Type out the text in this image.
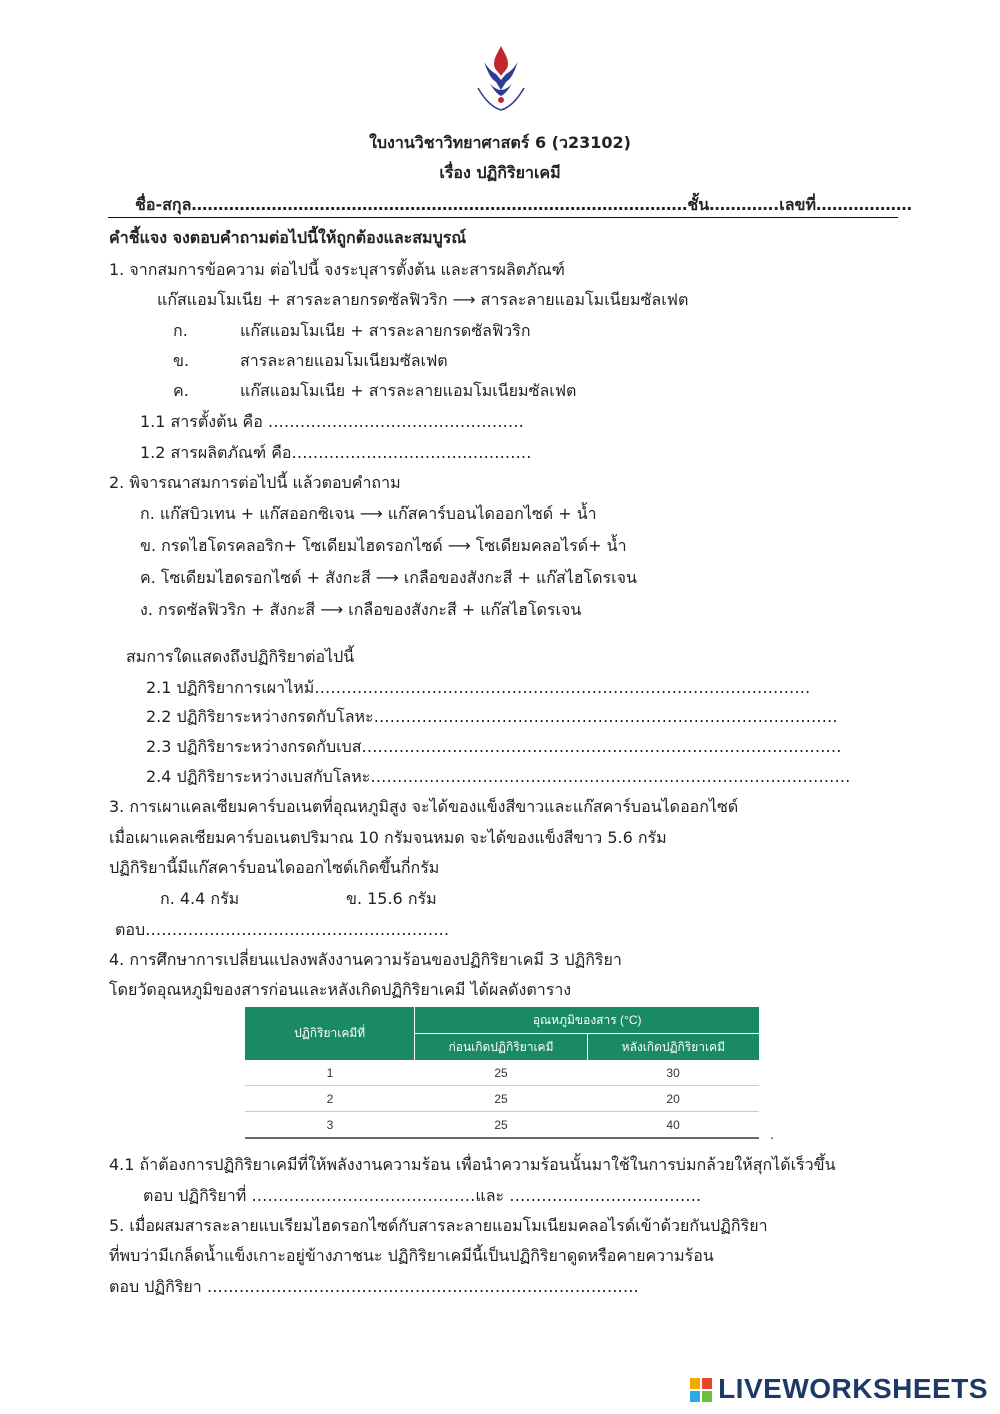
ใบงานวิชาวิทยาศาสตร์ 6 (ว23102)
เรื่อง ปฏิกิริยาเคมี
ชื่อ-สกุล…………………………………………………………………………………ชั้น………….เลขที่………………
คำชี้แจง จงตอบคำถามต่อไปนี้ให้ถูกต้องและสมบูรณ์
1. จากสมการข้อความ ต่อไปนี้ จงระบุสารตั้งต้น และสารผลิตภัณฑ์
แก๊สแอมโมเนีย + สารละลายกรดซัลฟิวริก ⟶ สารละลายแอมโมเนียมซัลเฟต
ก.	แก๊สแอมโมเนีย + สารละลายกรดซัลฟิวริก
ข.	สารละลายแอมโมเนียมซัลเฟต
ค.	แก๊สแอมโมเนีย + สารละลายแอมโมเนียมซัลเฟต
1.1 สารตั้งต้น คือ …………………………………………
1.2 สารผลิตภัณฑ์ คือ………………………………………
2. พิจารณาสมการต่อไปนี้ แล้วตอบคำถาม
ก. แก๊สบิวเทน + แก๊สออกซิเจน ⟶ แก๊สคาร์บอนไดออกไซด์ + น้ำ
ข. กรดไฮโดรคลอริก+ โซเดียมไฮดรอกไซด์ ⟶ โซเดียมคลอไรด์+ น้ำ
ค. โซเดียมไฮดรอกไซด์ + สังกะสี ⟶ เกลือของสังกะสี + แก๊สไฮโดรเจน
ง. กรดซัลฟิวริก + สังกะสี ⟶ เกลือของสังกะสี + แก๊สไฮโดรเจน
สมการใดแสดงถึงปฏิกิริยาต่อไปนี้
2.1 ปฏิกิริยาการเผาไหม้…………………………………………………………………………………
2.2 ปฏิกิริยาระหว่างกรดกับโลหะ……………………………………………………………………………
2.3 ปฏิกิริยาระหว่างกรดกับเบส………………………………………………………………………………
2.4 ปฏิกิริยาระหว่างเบสกับโลหะ………………………………………………………………………………
3. การเผาแคลเซียมคาร์บอเนตที่อุณหภูมิสูง จะได้ของแข็งสีขาวและแก๊สคาร์บอนไดออกไซด์
เมื่อเผาแคลเซียมคาร์บอเนตปริมาณ 10 กรัมจนหมด จะได้ของแข็งสีขาว 5.6 กรัม
ปฏิกิริยานี้มีแก๊สคาร์บอนไดออกไซด์เกิดขึ้นกี่กรัม
ก. 4.4 กรัม	ข. 15.6 กรัม
ตอบ…………………………………………………
4. การศึกษาการเปลี่ยนแปลงพลังงานความร้อนของปฏิกิริยาเคมี 3 ปฏิกิริยา
โดยวัดอุณหภูมิของสารก่อนและหลังเกิดปฏิกิริยาเคมี ได้ผลดังตาราง
ปฏิกิริยาเคมีที่	อุณหภูมิของสาร (°C)	
	ก่อนเกิดปฏิกิริยาเคมี	หลังเกิดปฏิกิริยาเคมี
1	25	30
2	25	20
3	25	40
.
4.1 ถ้าต้องการปฏิกิริยาเคมีที่ให้พลังงานความร้อน เพื่อนำความร้อนนั้นมาใช้ในการบ่มกล้วยให้สุกได้เร็วขึ้น
ตอบ ปฏิกิริยาที่ ……………………………………และ ………………………………
5. เมื่อผสมสารละลายแบเรียมไฮดรอกไซด์กับสารละลายแอมโมเนียมคลอไรด์เข้าด้วยกันปฏิกิริยา
ที่พบว่ามีเกล็ดน้ำแข็งเกาะอยู่ข้างภาชนะ ปฏิกิริยาเคมีนี้เป็นปฏิกิริยาดูดหรือคายความร้อน
ตอบ ปฏิกิริยา ………………………………………………………………………
LIVEWORKSHEETS
